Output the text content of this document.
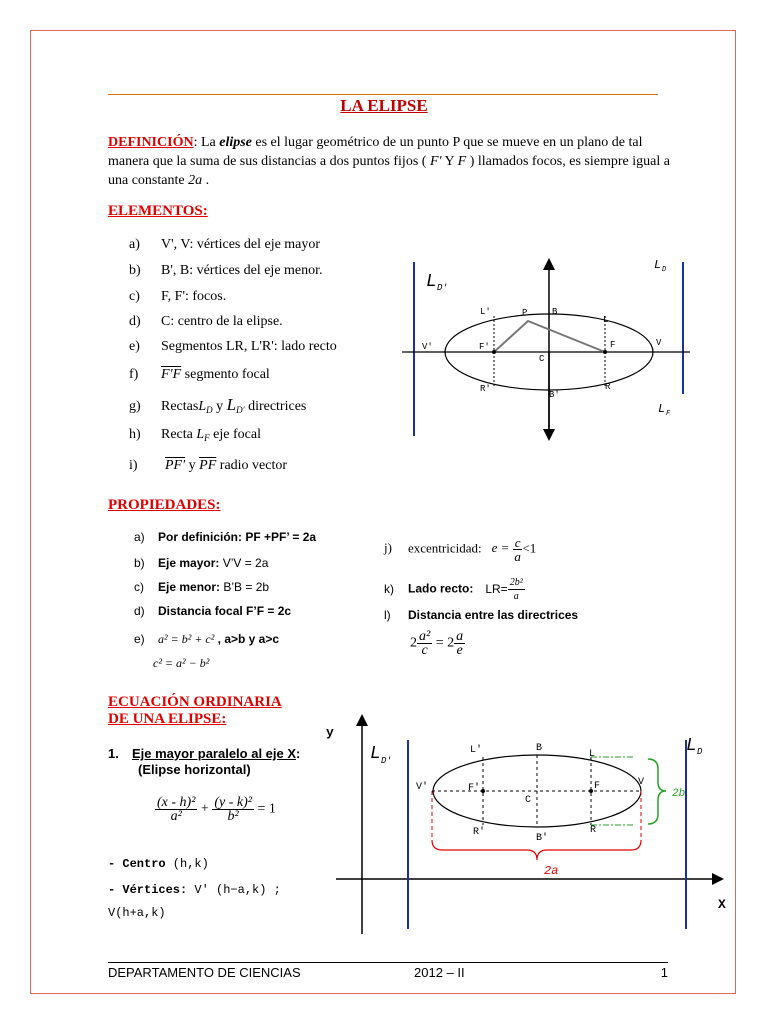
LA ELIPSE
DEFINICIÓN: La elipse es el lugar geométrico de un punto P que se mueve en un plano de tal manera que la suma de sus distancias a dos puntos fijos ( F′ Y F ) llamados focos, es siempre igual a una constante 2a .
ELEMENTOS:
a) V', V: vértices del eje mayor
b) B', B: vértices del eje menor.
c) F, F': focos.
d) C: centro de la elipse.
e) Segmentos LR, L'R': lado recto
f) F′F segmento focal
g) RectasL$_D$ y $L_{D'}$ directrices
h) Recta $L_F$ eje focal
i) PF′ y $\overline{PF}$ radio vector
L D′
L D
L F
V'	V
B
B'
F
F'
C
P
L
L'
R
R'
PROPIEDADES:
a) Por definición: PF +PF’ = 2a
b) Eje mayor: V’V = 2a
c) Eje menor: B’B = 2b
d) Distancia focal F’F = 2c
e) a² = b² + c² , a>b y a>c
c² = a² − b²
j) excentricidad: $e = \frac{c}{a} <1$
k) Lado recto: $LR= \frac{\text{2b²}}{a}$
l) Distancia entre las directrices
$2 \frac{\text{a²}}{c} = 2 \frac{a}{e}$
ECUACIÓN ORDINARIA
DE UNA ELIPSE:
1. Eje mayor paralelo al eje X:
(Elipse horizontal)
$\frac{\text{(x - h)²}}{\text{a²}} + \frac{\text{(y - k)²}}{\text{b²}} = 1$
- Centro (h,k)
- Vértices: V' (h−a,k) ;
V(h+a,k)
y
X
L D′
L D
L'	B
L
V'	V
F'	F
C
R'
B'
R
2b
2a
DEPARTAMENTO DE CIENCIAS	2012 – II	1
